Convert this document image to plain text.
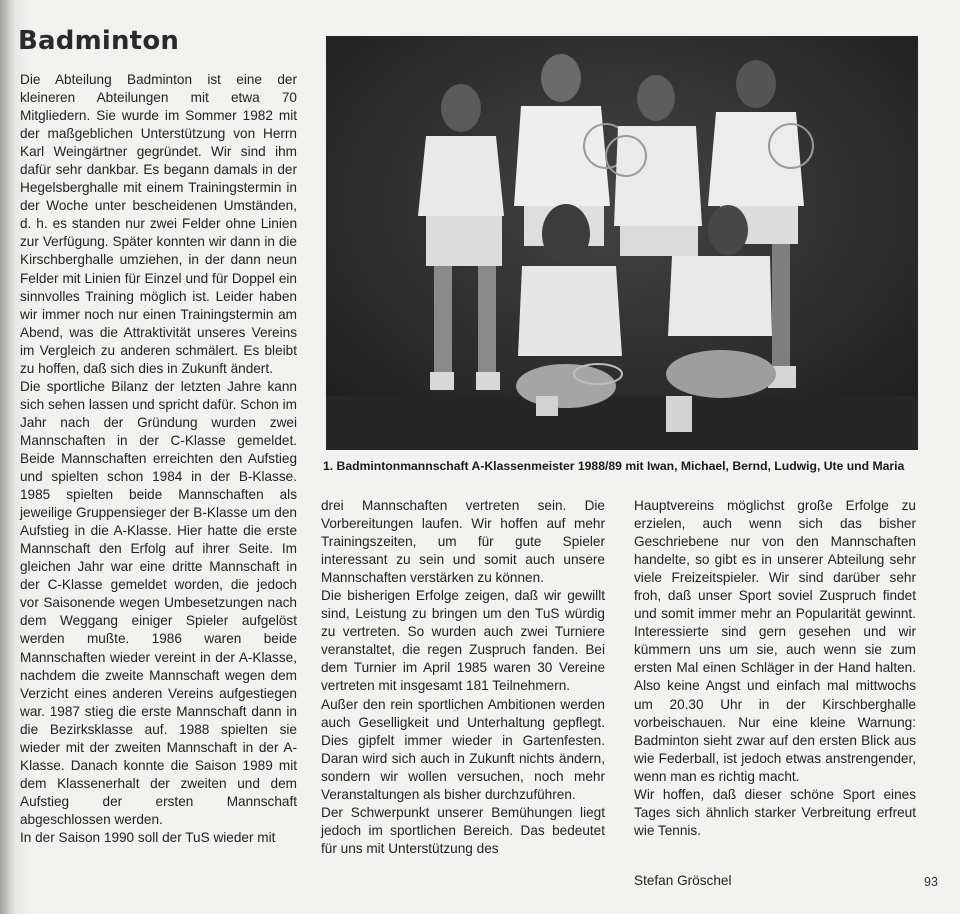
Badminton

Die Abteilung Badminton ist eine der kleineren Abteilungen mit etwa 70 Mitgliedern. Sie wurde im Sommer 1982 mit der maßgeblichen Unterstützung von Herrn Karl Weingärtner gegründet. Wir sind ihm dafür sehr dankbar. Es begann damals in der Hegelsberghalle mit einem Trainingstermin in der Woche unter bescheidenen Umständen, d. h. es standen nur zwei Felder ohne Linien zur Verfügung. Später konnten wir dann in die Kirschberghalle umziehen, in der dann neun Felder mit Linien für Einzel und für Doppel ein sinnvolles Training möglich ist. Leider haben wir immer noch nur einen Trainingstermin am Abend, was die Attraktivität unseres Vereins im Vergleich zu anderen schmälert. Es bleibt zu hoffen, daß sich dies in Zukunft ändert.

Die sportliche Bilanz der letzten Jahre kann sich sehen lassen und spricht dafür. Schon im Jahr nach der Gründung wurden zwei Mannschaften in der C-Klasse gemeldet. Beide Mannschaften erreichten den Aufstieg und spielten schon 1984 in der B-Klasse. 1985 spielten beide Mannschaften als jeweilige Gruppensieger der B-Klasse um den Aufstieg in die A-Klasse. Hier hatte die erste Mannschaft den Erfolg auf ihrer Seite. Im gleichen Jahr war eine dritte Mannschaft in der C-Klasse gemeldet worden, die jedoch vor Saisonende wegen Umbesetzungen nach dem Weggang einiger Spieler aufgelöst werden mußte. 1986 waren beide Mannschaften wieder vereint in der A-Klasse, nachdem die zweite Mannschaft wegen dem Verzicht eines anderen Vereins aufgestiegen war. 1987 stieg die erste Mannschaft dann in die Bezirksklasse auf. 1988 spielten sie wieder mit der zweiten Mannschaft in der A-Klasse. Danach konnte die Saison 1989 mit dem Klassenerhalt der zweiten und dem Aufstieg der ersten Mannschaft abgeschlossen werden.

In der Saison 1990 soll der TuS wieder mit

1. Badmintonmannschaft A-Klassenmeister 1988/89 mit Iwan, Michael, Bernd, Ludwig, Ute und Maria

drei Mannschaften vertreten sein. Die Vorbereitungen laufen. Wir hoffen auf mehr Trainingszeiten, um für gute Spieler interessant zu sein und somit auch unsere Mannschaften verstärken zu können.

Die bisherigen Erfolge zeigen, daß wir gewillt sind, Leistung zu bringen um den TuS würdig zu vertreten. So wurden auch zwei Turniere veranstaltet, die regen Zuspruch fanden. Bei dem Turnier im April 1985 waren 30 Vereine vertreten mit insgesamt 181 Teilnehmern.

Außer den rein sportlichen Ambitionen werden auch Geselligkeit und Unterhaltung gepflegt. Dies gipfelt immer wieder in Gartenfesten. Daran wird sich auch in Zukunft nichts ändern, sondern wir wollen versuchen, noch mehr Veranstaltungen als bisher durchzuführen.

Der Schwerpunkt unserer Bemühungen liegt jedoch im sportlichen Bereich. Das bedeutet für uns mit Unterstützung des

Hauptvereins möglichst große Erfolge zu erzielen, auch wenn sich das bisher Geschriebene nur von den Mannschaften handelte, so gibt es in unserer Abteilung sehr viele Freizeitspieler. Wir sind darüber sehr froh, daß unser Sport soviel Zuspruch findet und somit immer mehr an Popularität gewinnt. Interessierte sind gern gesehen und wir kümmern uns um sie, auch wenn sie zum ersten Mal einen Schläger in der Hand halten. Also keine Angst und einfach mal mittwochs um 20.30 Uhr in der Kirschberghalle vorbeischauen. Nur eine kleine Warnung: Badminton sieht zwar auf den ersten Blick aus wie Federball, ist jedoch etwas anstrengender, wenn man es richtig macht.

Wir hoffen, daß dieser schöne Sport eines Tages sich ähnlich starker Verbreitung erfreut wie Tennis.

Stefan Gröschel	93
